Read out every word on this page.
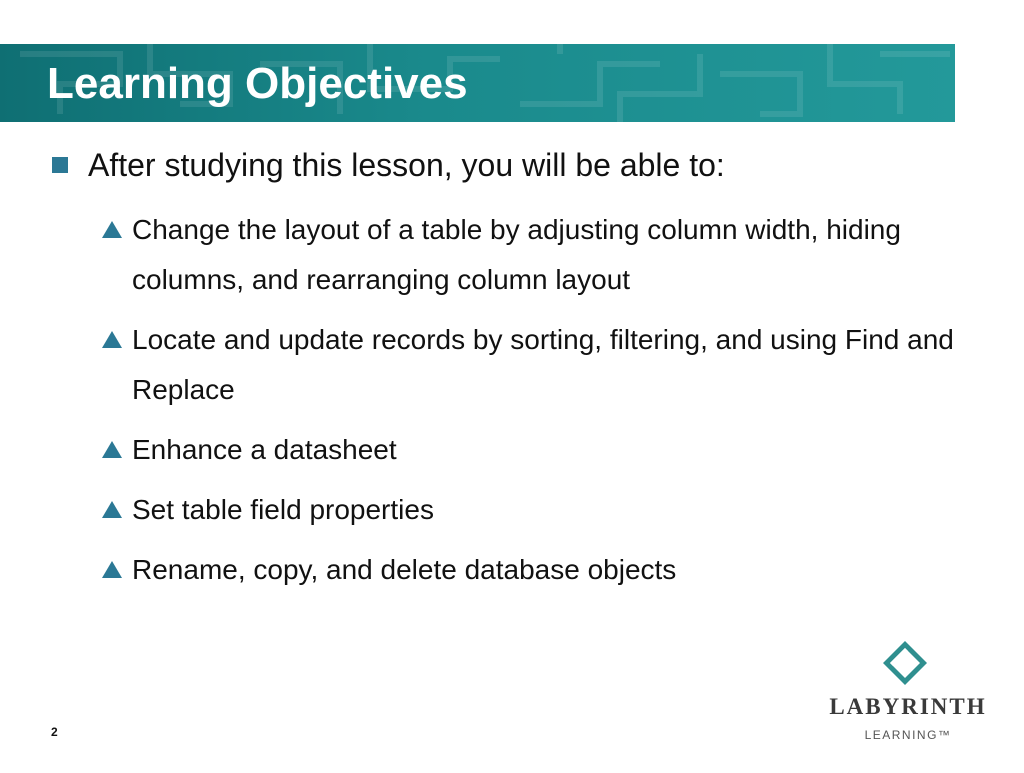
Learning Objectives
After studying this lesson, you will be able to:
Change the layout of a table by adjusting column width, hiding columns, and rearranging column layout
Locate and update records by sorting, filtering, and using Find and Replace
Enhance a datasheet
Set table field properties
Rename, copy, and delete database objects
2
LABYRINTH
LEARNING™
